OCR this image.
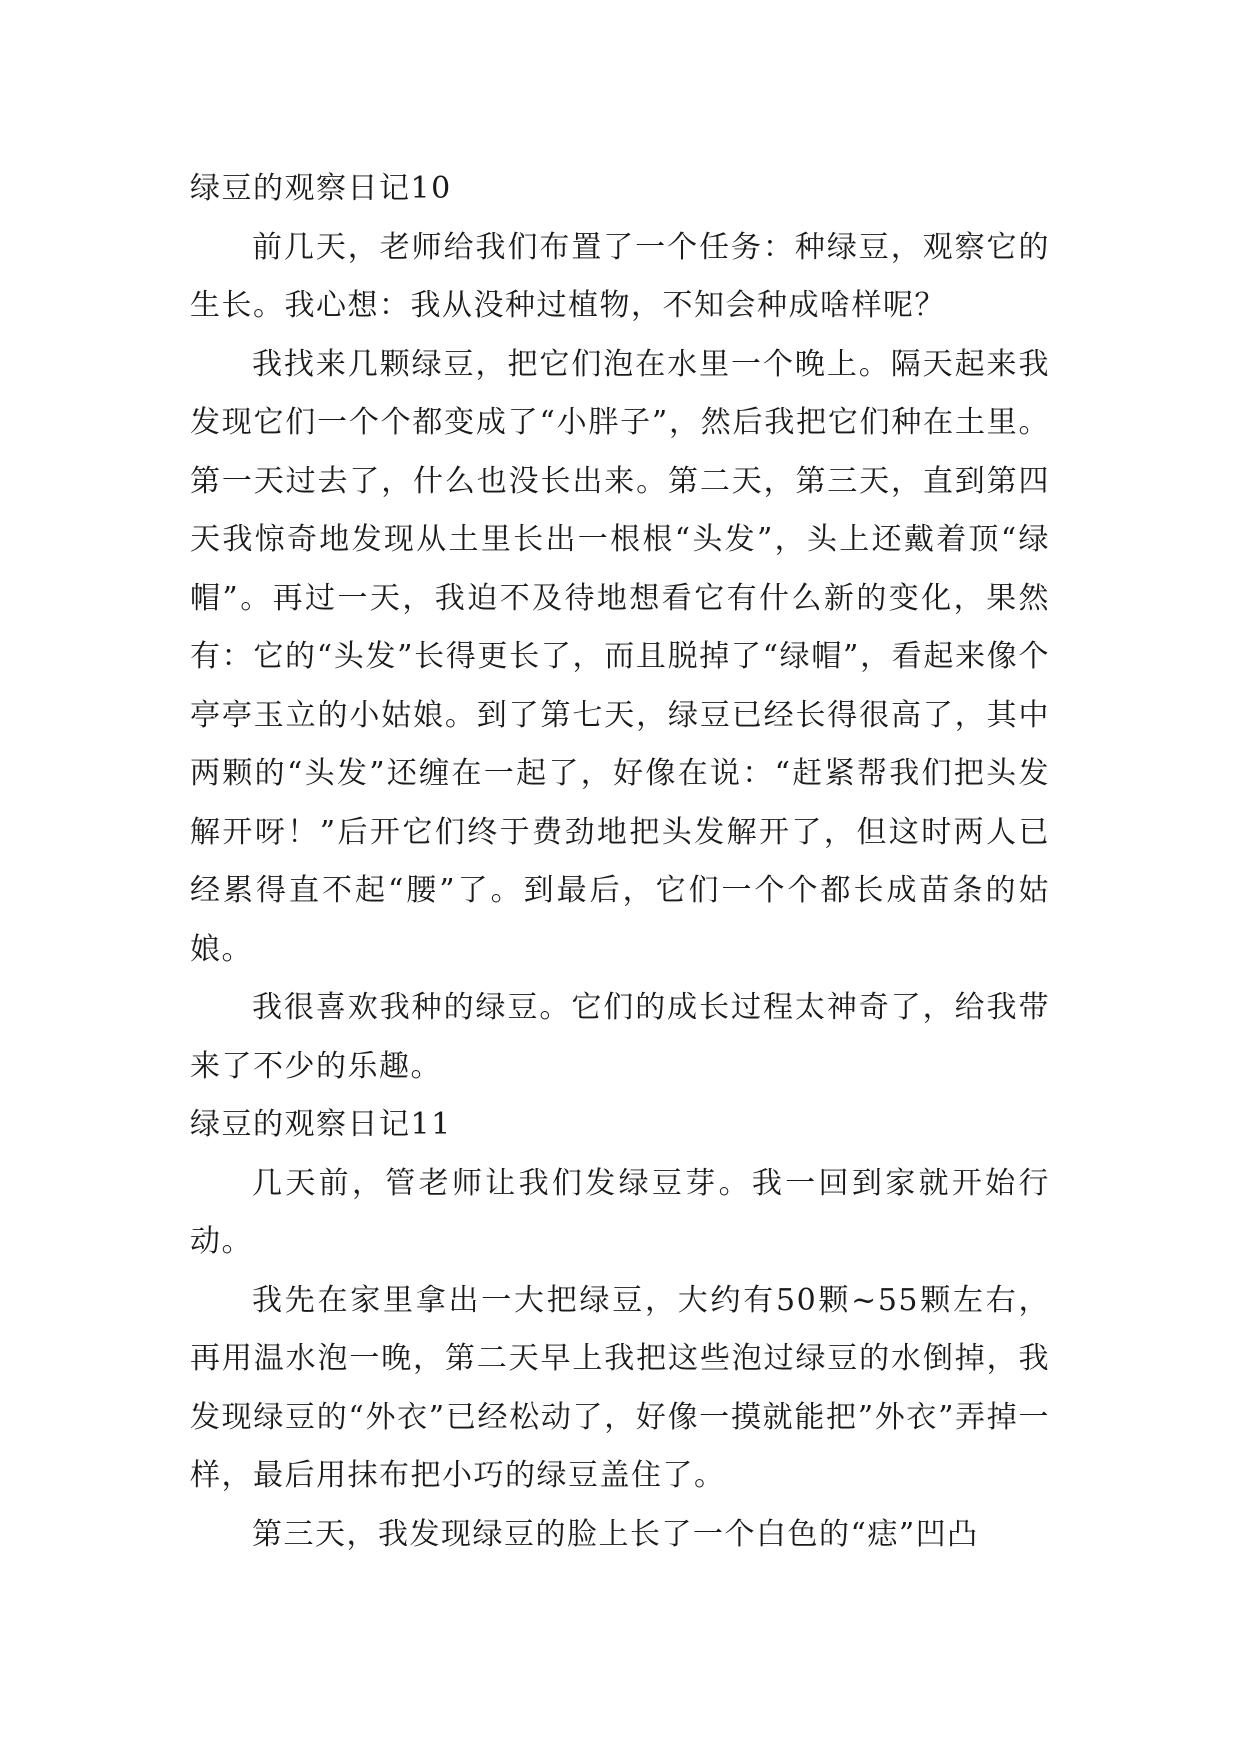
绿豆的观察日记10

前几天，老师给我们布置了一个任务：种绿豆，观察它的生长。我心想：我从没种过植物，不知会种成啥样呢？

我找来几颗绿豆，把它们泡在水里一个晚上。隔天起来我发现它们一个个都变成了“小胖子”，然后我把它们种在土里。第一天过去了，什么也没长出来。第二天，第三天，直到第四天我惊奇地发现从土里长出一根根“头发”，头上还戴着顶“绿帽”。再过一天，我迫不及待地想看它有什么新的变化，果然有：它的“头发”长得更长了，而且脱掉了“绿帽”，看起来像个亭亭玉立的小姑娘。到了第七天，绿豆已经长得很高了，其中两颗的“头发”还缠在一起了，好像在说：“赶紧帮我们把头发解开呀！”后开它们终于费劲地把头发解开了，但这时两人已经累得直不起“腰”了。到最后，它们一个个都长成苗条的姑娘。

我很喜欢我种的绿豆。它们的成长过程太神奇了，给我带来了不少的乐趣。

绿豆的观察日记11

几天前，管老师让我们发绿豆芽。我一回到家就开始行动。

我先在家里拿出一大把绿豆，大约有50颗~55颗左右，再用温水泡一晚，第二天早上我把这些泡过绿豆的水倒掉，我发现绿豆的“外衣”已经松动了，好像一摸就能把”外衣”弄掉一样，最后用抹布把小巧的绿豆盖住了。

第三天，我发现绿豆的脸上长了一个白色的“痣”凹凸
